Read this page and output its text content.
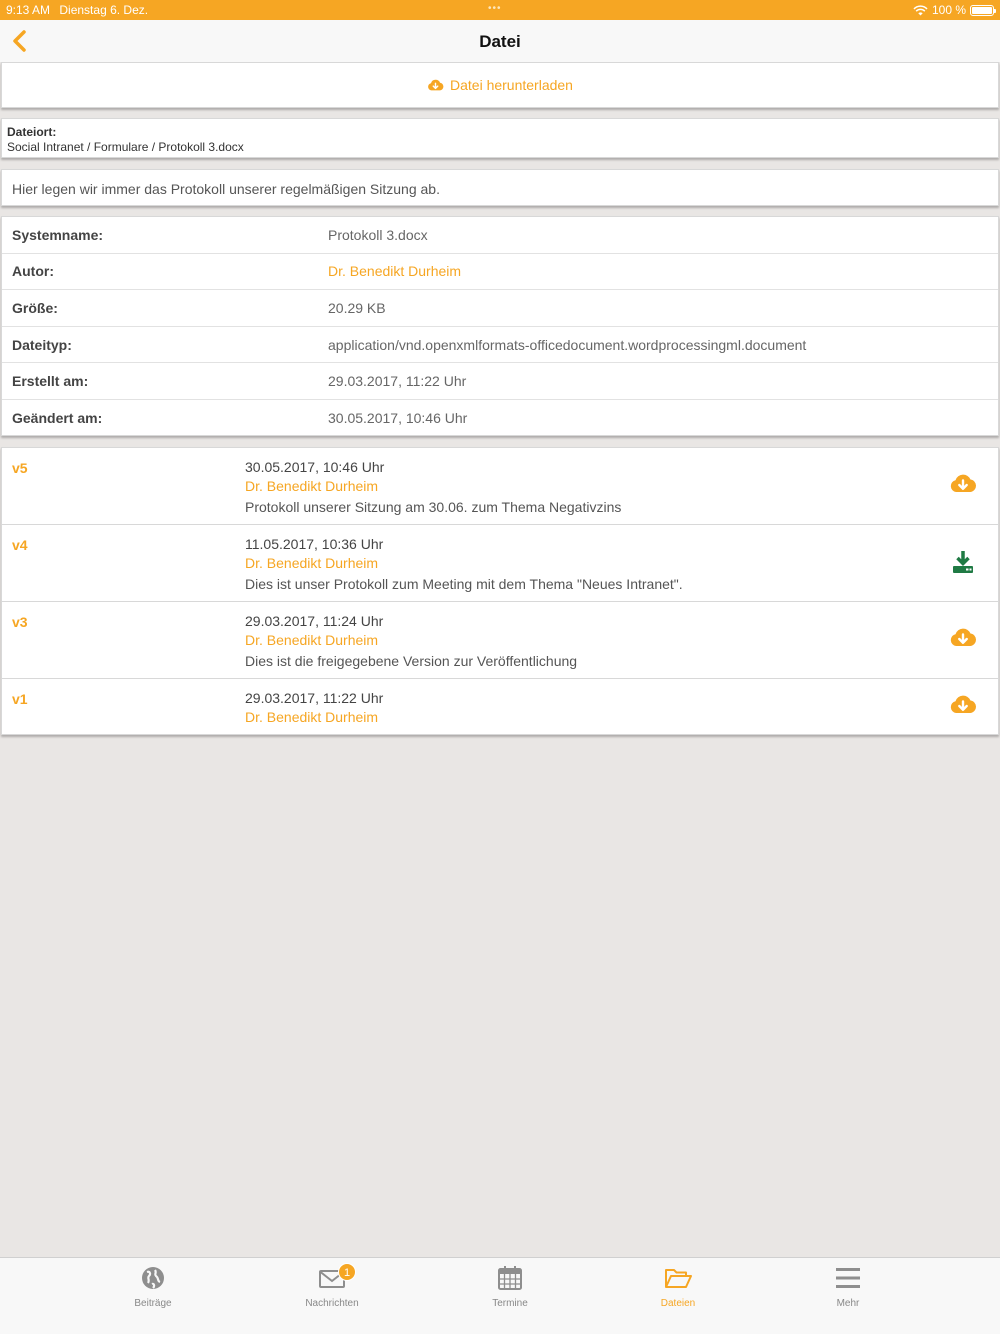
9:13 AM Dienstag 6. Dez.	•••	100 %
Datei
Datei herunterladen
Dateiort:
Social Intranet / Formulare / Protokoll 3.docx
Hier legen wir immer das Protokoll unserer regelmäßigen Sitzung ab.
Systemname:	Protokoll 3.docx
Autor:	Dr. Benedikt Durheim
Größe:	20.29 KB
Dateityp:	application/vnd.openxmlformats-officedocument.wordprocessingml.document
Erstellt am:	29.03.2017, 11:22 Uhr
Geändert am:	30.05.2017, 10:46 Uhr
v5	30.05.2017, 10:46 Uhr
Dr. Benedikt Durheim
Protokoll unserer Sitzung am 30.06. zum Thema Negativzins
v4	11.05.2017, 10:36 Uhr
Dr. Benedikt Durheim
Dies ist unser Protokoll zum Meeting mit dem Thema "Neues Intranet".
v3	29.03.2017, 11:24 Uhr
Dr. Benedikt Durheim
Dies ist die freigegebene Version zur Veröffentlichung
v1	29.03.2017, 11:22 Uhr
Dr. Benedikt Durheim
Beiträge
1
Nachrichten	Termine	Dateien	Mehr
